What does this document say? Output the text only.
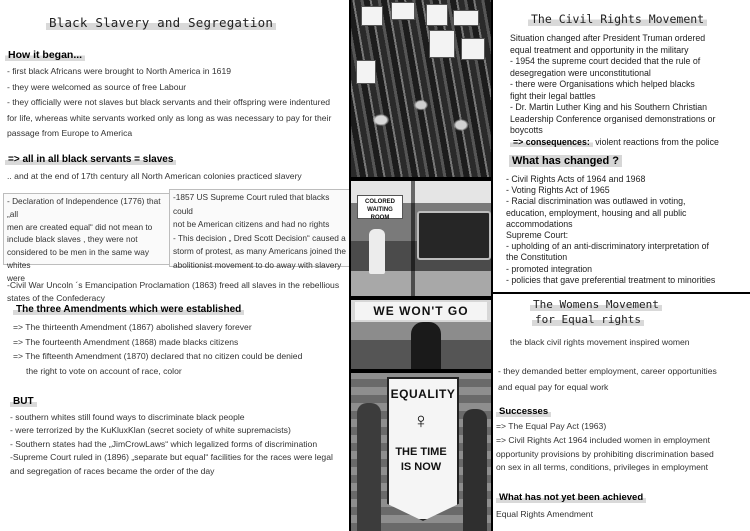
Black Slavery and Segregation
How it began...

- first black Africans were brought to North America in 1619

- they were welcomed as source of free Labour

- they officially were not slaves but black servants and their offspring were indentured

for life, whereas white servants worked only as long as was necessary to pay for their

passage from Europe to America

=> all in all black servants = slaves
.. and at the end of 17th century all North American colonies practiced slavery

- Declaration of Independence (1776) that „all

men are created equal“ did not mean to

include black slaves , they were not

considered to be men in the same way whites

were

-1857 US Supreme Court ruled that blacks could

not be American citizens and had no rights

- This decision „ Dred Scott Decision“ caused a

storm of protest, as many Americans joined the

abolitionist movement to do away with slavery

-Civil War Uncoln ´s Emancipation Proclamation (1863) freed all slaves in the rebellious

states of the Confederacy

The three Amendments which were established

=> The thirteenth Amendment (1867) abolished slavery forever

=> The fourteenth Amendment (1868) made blacks citizens

=> The fifteenth Amendment (1870) declared that no citizen could be denied

the right to vote on account of race, color

BUT

- southern whites still found ways to discriminate black people

- were terrorized by the KuKluxKlan (secret society of white supremacists)

- Southern states had the „JimCrowLaws“ which legalized forms of discrimination

-Supreme Court ruled in (1896) „separate but equal“ facilities for the races were legal

and segregation of races became the order of the day

COLORED WAITING ROOM
WE WON'T GO
EQUALITY
♀
THE TIME IS NOW
The Civil Rights Movement

Situation changed after President Truman ordered

equal treatment and opportunity in the military

- 1954 the supreme court decided that the rule of

desegregation were unconstitutional

- there were Organisations which helped blacks

fight their legal battles

- Dr. Martin Luther King and his Southern Christian

Leadership Conference organised demonstrations or

boycotts

=> consequences: violent reactions from the police

What has changed ?

- Civil Rights Acts of 1964 and 1968

- Voting Rights Act of 1965

- Racial discrimination was outlawed in voting,

education, employment, housing and all public

accommodations

Supreme Court:

- upholding of an anti-discriminatory interpretation of

the Constitution

- promoted integration

- policies that gave preferential treatment to minorities

The Womens Movement
for Equal rights
the black civil rights movement inspired women

- they demanded better employment, career opportunities

and equal pay for equal work

Successes

=> The Equal Pay Act (1963)

=> Civil Rights Act 1964 included women in employment

opportunity provisions by prohibiting discrimination based

on sex in all terms, conditions, privileges in employment

What has not yet been achieved
Equal Rights Amendment
